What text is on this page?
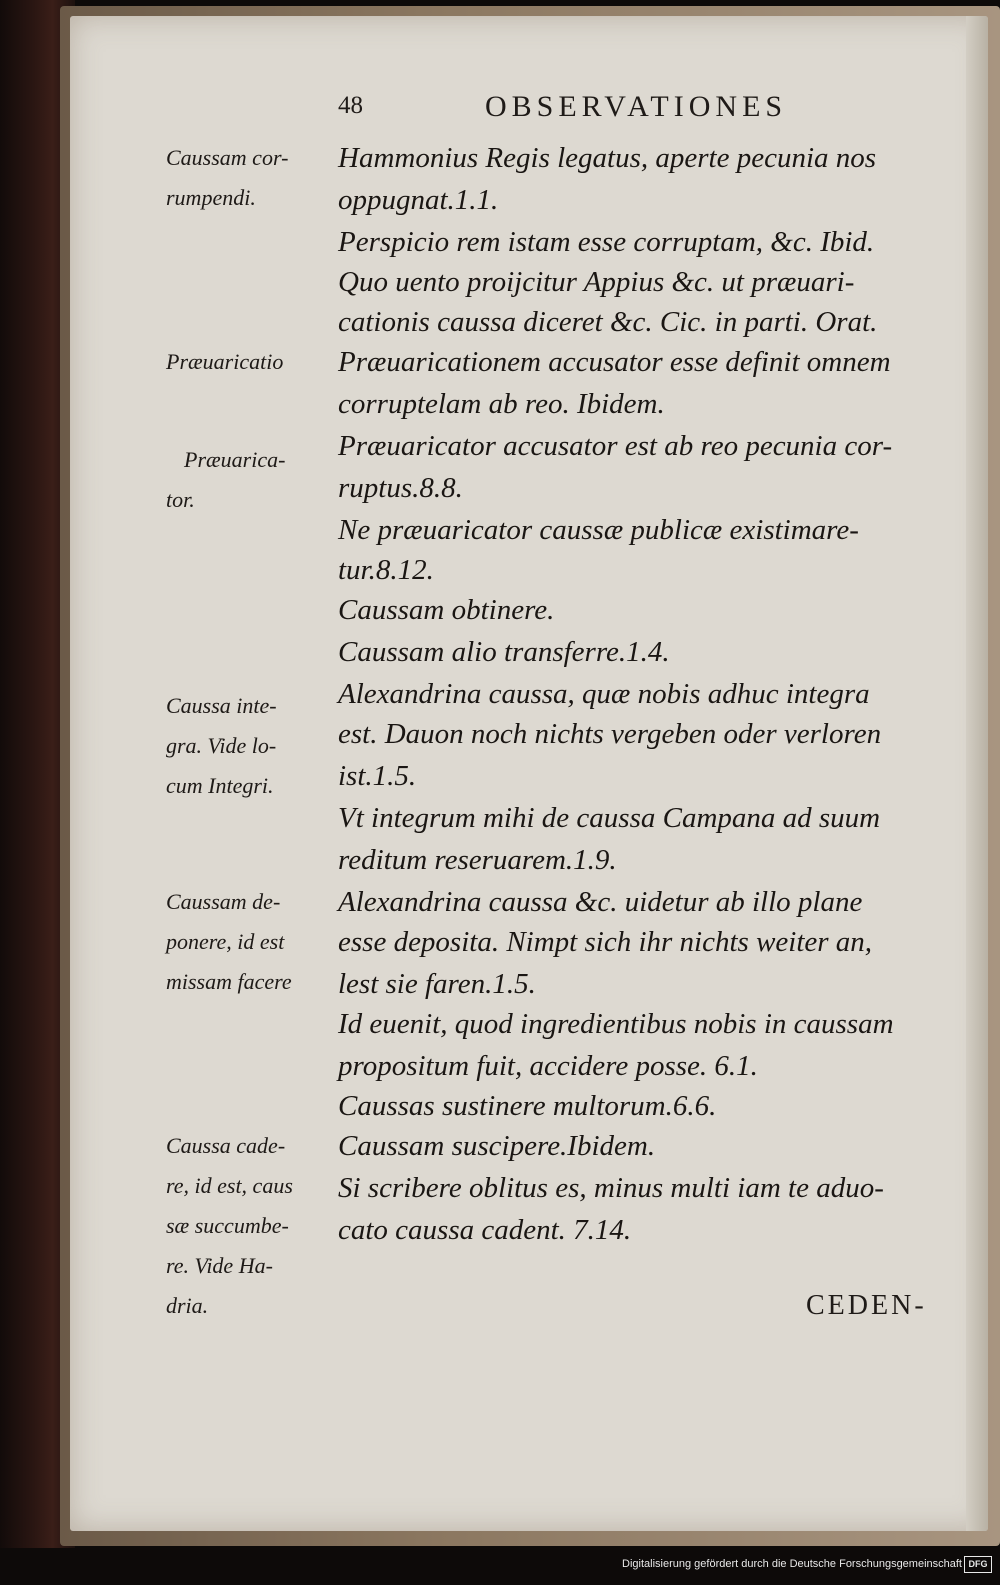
48	OBSERVATIONES
Caussam cor-
rumpendi.
Præuaricatio
Præuarica-
tor.
Caussa inte-
gra. Vide lo-
cum Integri.
Caussam de-
ponere, id est
missam facere
Caussa cade-
re, id est, caus
sæ succumbe-
re. Vide Ha-
dria.
Hammonius Regis legatus, aperte pecunia nos
oppugnat.1.1.
Perspicio rem istam esse corruptam, &c. Ibid.
Quo uento proijcitur Appius &c. ut præuari-
cationis caussa diceret &c. Cic. in parti. Orat.
Præuaricationem accusator esse definit omnem
corruptelam ab reo. Ibidem.
Præuaricator accusator est ab reo pecunia cor-
ruptus.8.8.
Ne præuaricator caussæ publicæ existimare-
tur.8.12.
Caussam obtinere.
Caussam alio transferre.1.4.
Alexandrina caussa, quæ nobis adhuc integra
est. Dauon noch nichts vergeben oder verloren
ist.1.5.
Vt integrum mihi de caussa Campana ad suum
reditum reseruarem.1.9.
Alexandrina caussa &c. uidetur ab illo plane
esse deposita. Nimpt sich ihr nichts weiter an,
lest sie faren.1.5.
Id euenit, quod ingredientibus nobis in caussam
propositum fuit, accidere posse. 6.1.
Caussas sustinere multorum.6.6.
Caussam suscipere.Ibidem.
Si scribere oblitus es, minus multi iam te aduo-
cato caussa cadent. 7.14.
CEDEN-
Digitalisierung gefördert durch die Deutsche Forschungsgemeinschaft DFG
